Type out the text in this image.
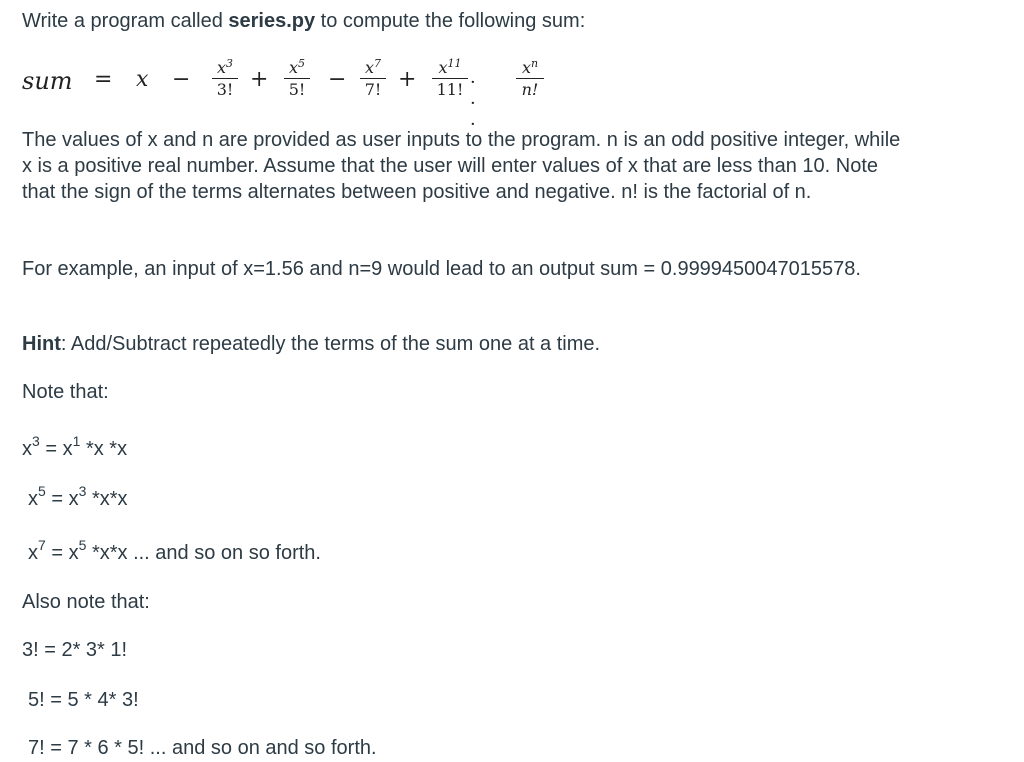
Write a program called series.py to compute the following sum:

sum = x −	$x^3$
3! +	$x^5$
5! −	$x^7$
7! +	$x^{11}$
11! · · ·
$x^n$
n!

The values of x and n are provided as user inputs to the program. n is an odd positive integer, while x is a positive real number. Assume that the user will enter values of x that are less than 10. Note that the sign of the terms alternates between positive and negative. n! is the factorial of n.

For example, an input of x=1.56 and n=9 would lead to an output sum = 0.9999450047015578.

Hint: Add/Subtract repeatedly the terms of the sum one at a time.

Note that:

$x^3 = x^1$ *x *x

$x^5 = x^3$ *x*x

$x^7 = x^5$ *x*x ... and so on so forth.

Also note that:

3! = 2* 3* 1!

5! = 5 * 4* 3!

7! = 7 * 6 * 5! ... and so on and so forth.
